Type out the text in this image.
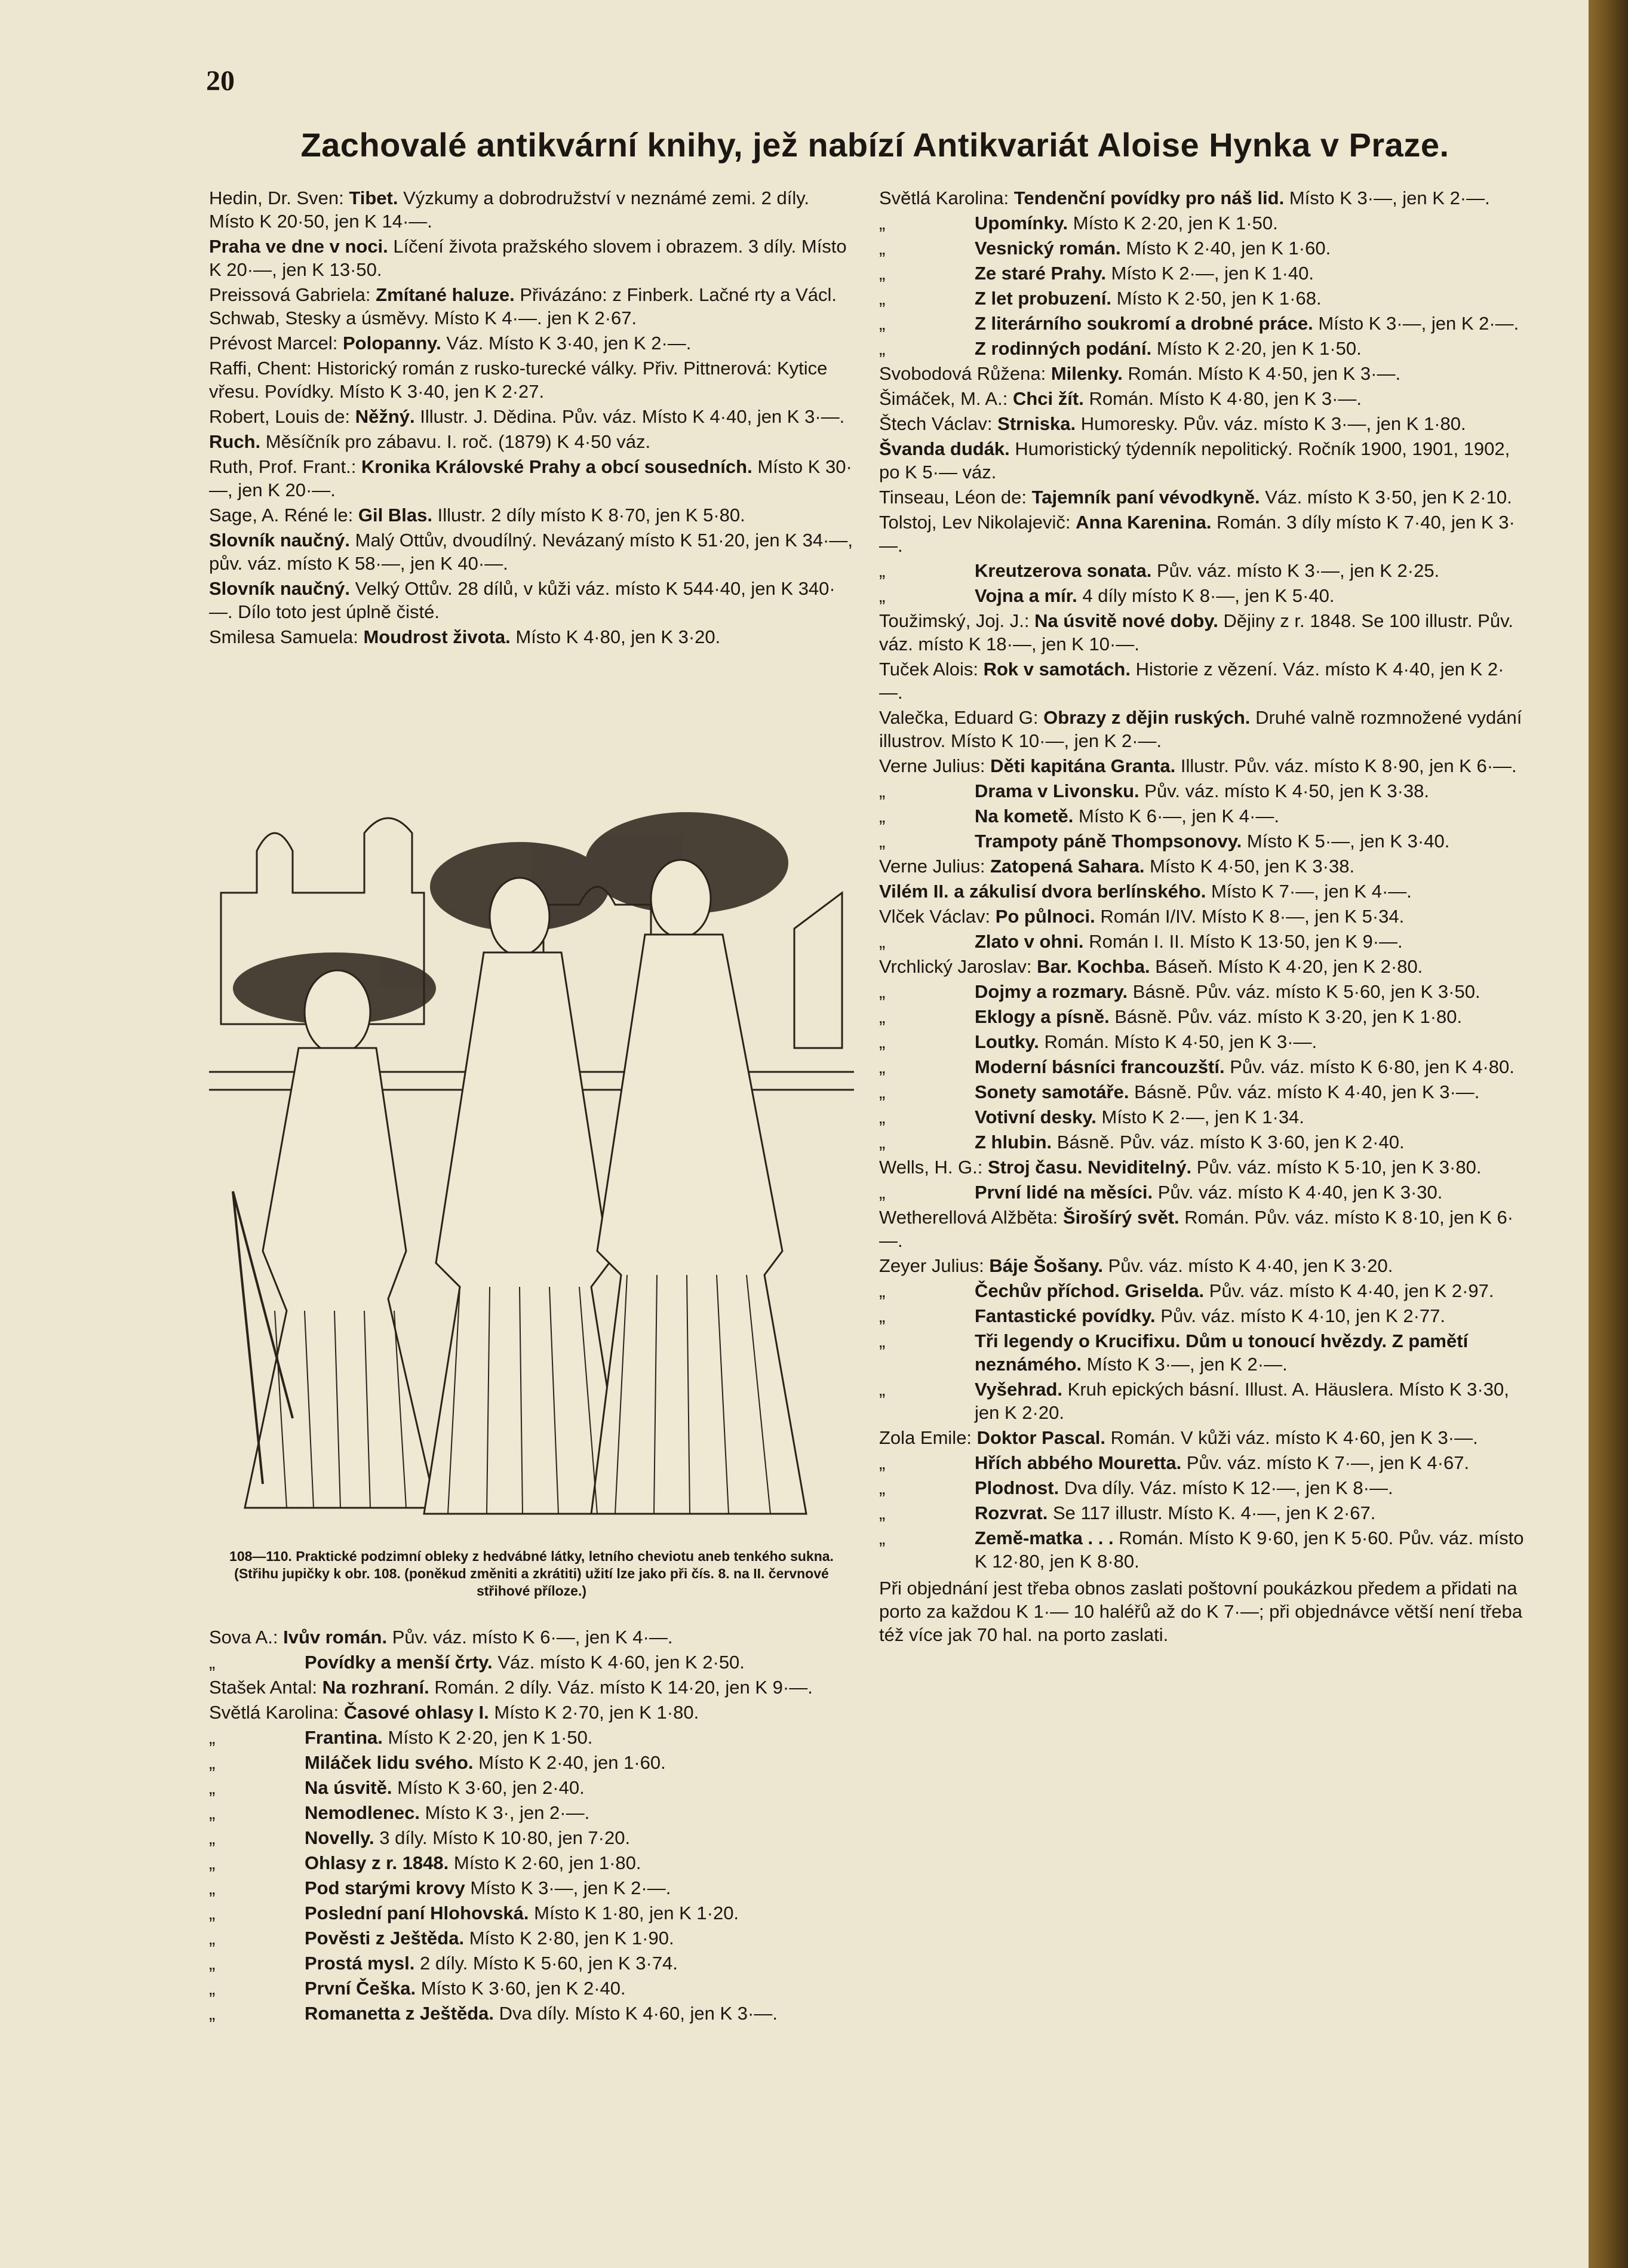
20
Zachovalé antikvární knihy, jež nabízí Antikvariát Aloise Hynka v Praze.
Hedin, Dr. Sven: Tibet. Výzkumy a dobrodružství v neznámé zemi. 2 díly. Místo K 20·50, jen K 14·—.
Praha ve dne v noci. Líčení života pražského slovem i obrazem. 3 díly. Místo K 20·—, jen K 13·50.
Preissová Gabriela: Zmítané haluze. Přivázáno: z Finberk. Lačné rty a Václ. Schwab, Stesky a úsměvy. Místo K 4·—. jen K 2·67.
Prévost Marcel: Polopanny. Váz. Místo K 3·40, jen K 2·—.
Raffi, Chent: Historický román z rusko-turecké války. Přiv. Pittnerová: Kytice vřesu. Povídky. Místo K 3·40, jen K 2·27.
Robert, Louis de: Něžný. Illustr. J. Dědina. Pův. váz. Místo K 4·40, jen K 3·—.
Ruch. Měsíčník pro zábavu. I. roč. (1879) K 4·50 váz.
Ruth, Prof. Frant.: Kronika Královské Prahy a obcí sousedních. Místo K 30·—, jen K 20·—.
Sage, A. Réné le: Gil Blas. Illustr. 2 díly místo K 8·70, jen K 5·80.
Slovník naučný. Malý Ottův, dvoudílný. Nevázaný místo K 51·20, jen K 34·—, pův. váz. místo K 58·—, jen K 40·—.
Slovník naučný. Velký Ottův. 28 dílů, v kůži váz. místo K 544·40, jen K 340·—. Dílo toto jest úplně čisté.
Smilesa Samuela: Moudrost života. Místo K 4·80, jen K 3·20.
108—110. Praktické podzimní obleky z hedvábné látky, letního cheviotu aneb tenkého sukna. (Střihu jupičky k obr. 108. (poněkud změniti a zkrátiti) užití lze jako při čís. 8. na II. červnové střihové příloze.)
Sova A.: Ivův román. Pův. váz. místo K 6·—, jen K 4·—.
„	Povídky a menší črty. Váz. místo K 4·60, jen K 2·50.
Stašek Antal: Na rozhraní. Román. 2 díly. Váz. místo K 14·20, jen K 9·—.
Světlá Karolina: Časové ohlasy I. Místo K 2·70, jen K 1·80.
„	Frantina. Místo K 2·20, jen K 1·50.
„	Miláček lidu svého. Místo K 2·40, jen 1·60.
„	Na úsvitě. Místo K 3·60, jen 2·40.
„	Nemodlenec. Místo K 3·, jen 2·—.
„	Novelly. 3 díly. Místo K 10·80, jen 7·20.
„	Ohlasy z r. 1848. Místo K 2·60, jen 1·80.
„	Pod starými krovy Místo K 3·—, jen K 2·—.
„	Poslední paní Hlohovská. Místo K 1·80, jen K 1·20.
„	Pověsti z Ještěda. Místo K 2·80, jen K 1·90.
„	Prostá mysl. 2 díly. Místo K 5·60, jen K 3·74.
„	První Češka. Místo K 3·60, jen K 2·40.
„	Romanetta z Ještěda. Dva díly. Místo K 4·60, jen K 3·—.
Světlá Karolina: Tendenční povídky pro náš lid. Místo K 3·—, jen K 2·—.
„	Upomínky. Místo K 2·20, jen K 1·50.
„	Vesnický román. Místo K 2·40, jen K 1·60.
„	Ze staré Prahy. Místo K 2·—, jen K 1·40.
„	Z let probuzení. Místo K 2·50, jen K 1·68.
„	Z literárního soukromí a drobné práce. Místo K 3·—, jen K 2·—.
„	Z rodinných podání. Místo K 2·20, jen K 1·50.
Svobodová Růžena: Milenky. Román. Místo K 4·50, jen K 3·—.
Šimáček, M. A.: Chci žít. Román. Místo K 4·80, jen K 3·—.
Štech Václav: Strniska. Humoresky. Pův. váz. místo K 3·—, jen K 1·80.
Švanda dudák. Humoristický týdenník nepolitický. Ročník 1900, 1901, 1902, po K 5·— váz.
Tinseau, Léon de: Tajemník paní vévodkyně. Váz. místo K 3·50, jen K 2·10.
Tolstoj, Lev Nikolajevič: Anna Karenina. Román. 3 díly místo K 7·40, jen K 3·—.
„	Kreutzerova sonata. Pův. váz. místo K 3·—, jen K 2·25.
„	Vojna a mír. 4 díly místo K 8·—, jen K 5·40.
Toužimský, Joj. J.: Na úsvitě nové doby. Dějiny z r. 1848. Se 100 illustr. Pův. váz. místo K 18·—, jen K 10·—.
Tuček Alois: Rok v samotách. Historie z vězení. Váz. místo K 4·40, jen K 2·—.
Valečka, Eduard G: Obrazy z dějin ruských. Druhé valně rozmnožené vydání illustrov. Místo K 10·—, jen K 2·—.
Verne Julius: Děti kapitána Granta. Illustr. Pův. váz. místo K 8·90, jen K 6·—.
„	Drama v Livonsku. Pův. váz. místo K 4·50, jen K 3·38.
„	Na kometě. Místo K 6·—, jen K 4·—.
„	Trampoty páně Thompsonovy. Místo K 5·—, jen K 3·40.
Verne Julius: Zatopená Sahara. Místo K 4·50, jen K 3·38.
Vilém II. a zákulisí dvora berlínského. Místo K 7·—, jen K 4·—.
Vlček Václav: Po půlnoci. Román I/IV. Místo K 8·—, jen K 5·34.
„	Zlato v ohni. Román I. II. Místo K 13·50, jen K 9·—.
Vrchlický Jaroslav: Bar. Kochba. Báseň. Místo K 4·20, jen K 2·80.
„	Dojmy a rozmary. Básně. Pův. váz. místo K 5·60, jen K 3·50.
„	Eklogy a písně. Básně. Pův. váz. místo K 3·20, jen K 1·80.
„	Loutky. Román. Místo K 4·50, jen K 3·—.
„	Moderní básníci francouzští. Pův. váz. místo K 6·80, jen K 4·80.
„	Sonety samotáře. Básně. Pův. váz. místo K 4·40, jen K 3·—.
„	Votivní desky. Místo K 2·—, jen K 1·34.
„	Z hlubin. Básně. Pův. váz. místo K 3·60, jen K 2·40.
Wells, H. G.: Stroj času. Neviditelný. Pův. váz. místo K 5·10, jen K 3·80.
„	První lidé na měsíci. Pův. váz. místo K 4·40, jen K 3·30.
Wetherellová Alžběta: Širošírý svět. Román. Pův. váz. místo K 8·10, jen K 6·—.
Zeyer Julius: Báje Šošany. Pův. váz. místo K 4·40, jen K 3·20.
„	Čechův příchod. Griselda. Pův. váz. místo K 4·40, jen K 2·97.
„	Fantastické povídky. Pův. váz. místo K 4·10, jen K 2·77.
„	Tři legendy o Krucifixu. Dům u tonoucí hvězdy. Z pamětí neznámého. Místo K 3·—, jen K 2·—.
„	Vyšehrad. Kruh epických básní. Illust. A. Häuslera. Místo K 3·30, jen K 2·20.
Zola Emile: Doktor Pascal. Román. V kůži váz. místo K 4·60, jen K 3·—.
„	Hřích abbého Mouretta. Pův. váz. místo K 7·—, jen K 4·67.
„	Plodnost. Dva díly. Váz. místo K 12·—, jen K 8·—.
„	Rozvrat. Se 117 illustr. Místo K. 4·—, jen K 2·67.
„	Země-matka . . . Román. Místo K 9·60, jen K 5·60. Pův. váz. místo K 12·80, jen K 8·80.
Při objednání jest třeba obnos zaslati poštovní poukázkou předem a přidati na porto za každou K 1·— 10 haléřů až do K 7·—; při objednávce větší není třeba též více jak 70 hal. na porto zaslati.
